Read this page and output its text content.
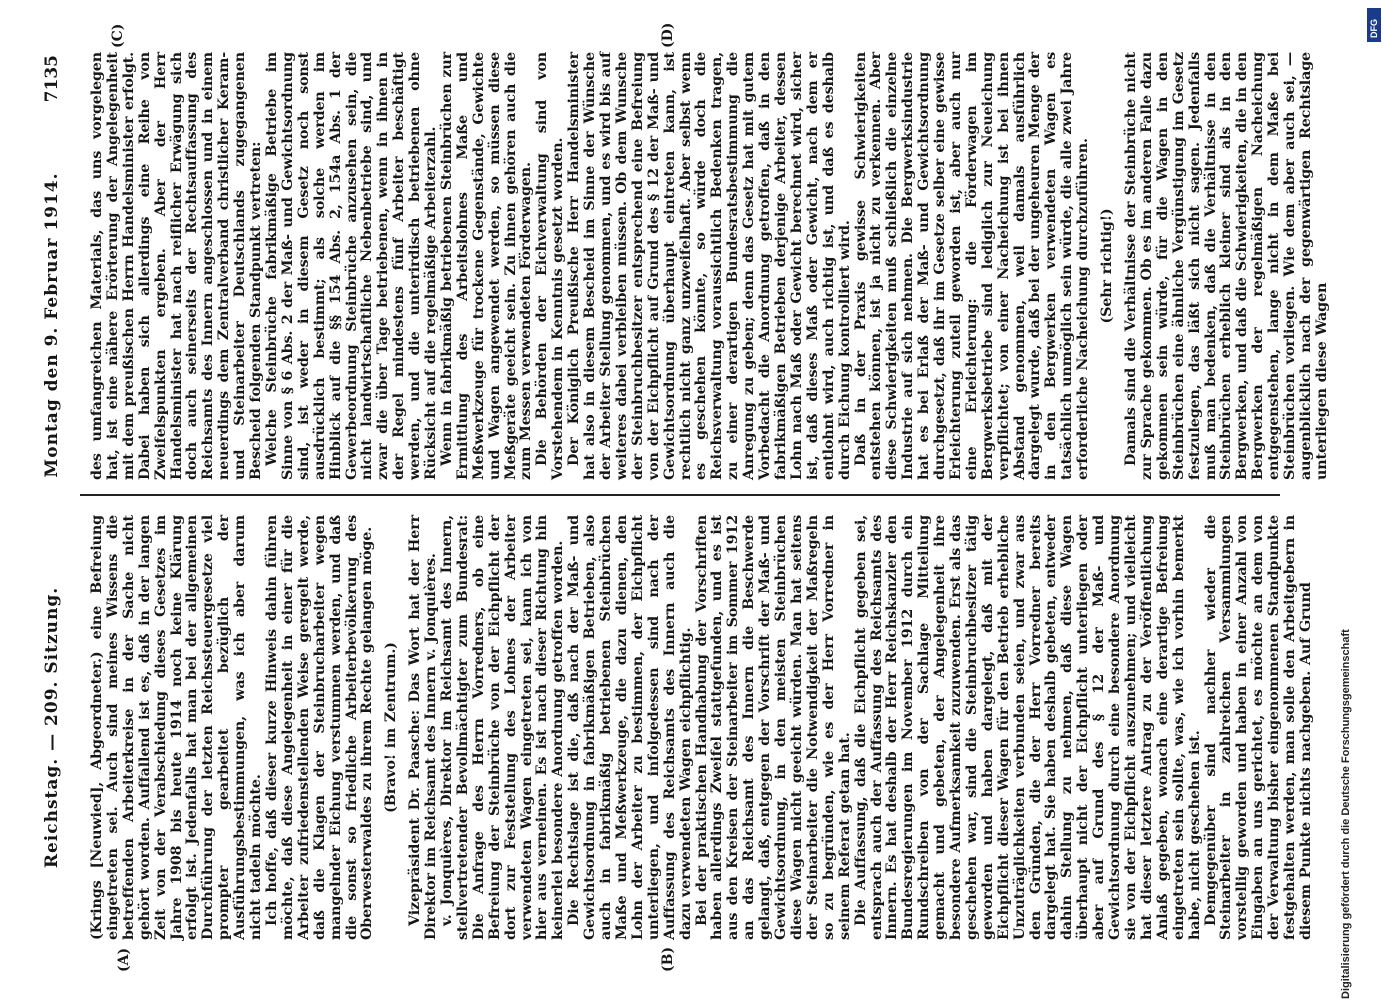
Reichstag. — 209. Sitzung.
Montag den 9. Februar 1914.
7135
(A)	(B)
(C)	(D)

(Krings [Neuwied], Abgeordneter.) eine Befreiung eingetreten sei. Auch sind meines Wissens die betreffenden Arbeiterkreise in der Sache nicht gehört worden. Auffallend ist es, daß in der langen Zeit von der Verabschiedung dieses Gesetzes im Jahre 1908 bis heute 1914 noch keine Klärung erfolgt ist. Jedenfalls hat man bei der allgemeinen Durchführung der letzten Reichssteuergesetze viel prompter gearbeitet bezüglich der Ausführungsbestimmungen, was ich aber darum nicht tadeln möchte. Ich hoffe, daß dieser kurze Hinweis dahin führen möchte, daß diese Angelegenheit in einer für die Arbeiter zufriedenstellenden Weise geregelt werde, daß die Klagen der Steinbrucharbeiter wegen mangelnder Eichung verstummen werden, und daß die sonst so friedliche Arbeiterbevölkerung des Oberwesterwaldes zu ihrem Rechte gelangen möge. (Bravo! im Zentrum.) Vizepräsident Dr. Paasche: Das Wort hat der Herr Direktor im Reichsamt des Innern v. Jonquières. v. Jonquières, Direktor im Reichsamt des Innern, stellvertretender Bevollmächtigter zum Bundesrat: Die Anfrage des Herrn Vorredners, ob eine Befreiung der Steinbrüche von der Eichpflicht der dort zur Feststellung des Lohnes der Arbeiter verwendeten Wagen eingetreten sei, kann ich von hier aus verneinen. Es ist nach dieser Richtung hin keinerlei besondere Anordnung getroffen worden. Die Rechtslage ist die, daß nach der Maß- und Gewichtsordnung in fabrikmäßigen Betrieben, also auch in fabrikmäßig betriebenen Steinbrüchen Maße und Meßwerkzeuge, die dazu dienen, den Lohn der Arbeiter zu bestimmen, der Eichpflicht unterliegen, und infolgedessen sind nach der Auffassung des Reichsamts des Innern auch die dazu verwendeten Wagen eichpflichtig. Bei der praktischen Handhabung der Vorschriften haben allerdings Zweifel stattgefunden, und es ist aus den Kreisen der Steinarbeiter im Sommer 1912 an das Reichsamt des Innern die Beschwerde gelangt, daß, entgegen der Vorschrift der Maß- und Gewichtsordnung, in den meisten Steinbrüchen diese Wagen nicht geeicht würden. Man hat seitens der Steinarbeiter die Notwendigkeit der Maßregeln so zu begründen, wie es der Herr Vorredner in seinem Referat getan hat. Die Auffassung, daß die Eichpflicht gegeben sei, entsprach auch der Auffassung des Reichsamts des Innern. Es hat deshalb der Herr Reichskanzler den Bundesregierungen im November 1912 durch ein Rundschreiben von der Sachlage Mitteilung gemacht und gebeten, der Angelegenheit ihre besondere Aufmerksamkeit zuzuwenden. Erst als das geschehen war, sind die Steinbruchbesitzer tätig geworden und haben dargelegt, daß mit der Eichpflicht dieser Wagen für den Betrieb erhebliche Unzuträglichkeiten verbunden seien, und zwar aus den Gründen, die der Herr Vorredner bereits dargelegt hat. Sie haben deshalb gebeten, entweder dahin Stellung zu nehmen, daß diese Wagen überhaupt nicht der Eichpflicht unterliegen oder aber auf Grund des § 12 der Maß- und Gewichtsordnung durch eine besondere Anordnung sie von der Eichpflicht auszunehmen; und vielleicht hat dieser letztere Antrag zu der Veröffentlichung Anlaß gegeben, wonach eine derartige Befreiung eingetreten sein sollte, was, wie ich vorhin bemerkt habe, nicht geschehen ist. Demgegenüber sind nachher wieder die Steinarbeiter in zahlreichen Versammlungen vorstellig geworden und haben in einer Anzahl von Eingaben an uns gerichtet, es möchte an dem von der Verwaltung bisher eingenommenen Standpunkte festgehalten werden, man solle den Arbeitgebern in diesem Punkte nichts nachgeben. Auf Grund

des umfangreichen Materials, das uns vorgelegen hat, ist eine nähere Erörterung der Angelegenheit mit dem preußischen Herrn Handelsminister erfolgt. Dabei haben sich allerdings eine Reihe von Zweifelspunkten ergeben. Aber der Herr Handelsminister hat nach reiflicher Erwägung sich doch auch seinerseits der Rechtsauffassung des Reichsamts des Innern angeschlossen und in einem neuerdings dem Zentralverband christlicher Keram- und Steinarbeiter Deutschlands zugegangenen Bescheid folgenden Standpunkt vertreten: Welche Steinbrüche fabrikmäßige Betriebe im Sinne von § 6 Abs. 2 der Maß- und Gewichtsordnung sind, ist weder in diesem Gesetz noch sonst ausdrücklich bestimmt; als solche werden im Hinblick auf die §§ 154 Abs. 2, 154a Abs. 1 der Gewerbeordnung Steinbrüche anzusehen sein, die nicht landwirtschaftliche Nebenbetriebe sind, und zwar die über Tage betriebenen, wenn in ihnen in der Regel mindestens fünf Arbeiter beschäftigt werden, und die unterirdisch betriebenen ohne Rücksicht auf die regelmäßige Arbeiterzahl. Wenn in fabrikmäßig betriebenen Steinbrüchen zur Ermittlung des Arbeitslohnes Maße und Meßwerkzeuge für trockene Gegenstände, Gewichte und Wagen angewendet werden, so müssen diese Meßgeräte geeicht sein. Zu ihnen gehören auch die zum Messen verwendeten Förderwagen. Die Behörden der Eichverwaltung sind von Vorstehendem in Kenntnis gesetzt worden. Der Königlich Preußische Herr Handelsminister hat also in diesem Bescheid im Sinne der Wünsche der Arbeiter Stellung genommen, und es wird bis auf weiteres dabei verbleiben müssen. Ob dem Wunsche der Steinbruchbesitzer entsprechend eine Befreiung von der Eichpflicht auf Grund des § 12 der Maß- und Gewichtsordnung überhaupt eintreten kann, ist rechtlich nicht ganz unzweifelhaft. Aber selbst wenn es geschehen könnte, so würde doch die Reichsverwaltung voraussichtlich Bedenken tragen, zu einer derartigen Bundesratsbestimmung die Anregung zu geben; denn das Gesetz hat mit gutem Vorbedacht die Anordnung getroffen, daß in den fabrikmäßigen Betrieben derjenige Arbeiter, dessen Lohn nach Maß oder Gewicht berechnet wird, sicher ist, daß dieses Maß oder Gewicht, nach dem er entlohnt wird, auch richtig ist, und daß es deshalb durch Eichung kontrolliert wird. Daß in der Praxis gewisse Schwierigkeiten entstehen können, ist ja nicht zu verkennen. Aber diese Schwierigkeiten muß schließlich die einzelne Industrie auf sich nehmen. Die Bergwerksindustrie hat es bei Erlaß der Maß- und Gewichtsordnung durchgesetzt, daß ihr im Gesetze selber eine gewisse Erleichterung zuteil geworden ist, aber auch nur eine Erleichterung: die Förderwagen im Bergwerksbetriebe sind lediglich zur Neueichung verpflichtet; von einer Nacheichung ist bei ihnen Abstand genommen, weil damals ausführlich dargelegt wurde, daß bei der ungeheuren Menge der in den Bergwerken verwendeten Wagen es tatsächlich unmöglich sein würde, die alle zwei Jahre erforderliche Nacheichung durchzuführen. (Sehr richtig!) Damals sind die Verhältnisse der Steinbrüche nicht zur Sprache gekommen. Ob es im anderen Falle dazu gekommen sein würde, für die Wagen in den Steinbrüchen eine ähnliche Vergünstigung im Gesetz festzulegen, das läßt sich nicht sagen. Jedenfalls muß man bedenken, daß die Verhältnisse in den Steinbrüchen erheblich kleiner sind als in den Bergwerken, und daß die Schwierigkeiten, die in den Bergwerken der regelmäßigen Nacheichung entgegenstehen, lange nicht in dem Maße bei Steinbrüchen vorliegen. Wie dem aber auch sei, — augenblicklich nach der gegenwärtigen Rechtslage unterliegen diese Wagen

Digitalisierung gefördert durch die Deutsche Forschungsgemeinschaft
DFG
